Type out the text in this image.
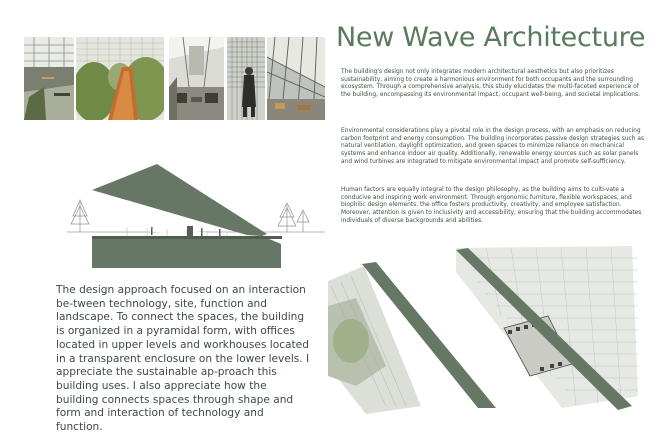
New Wave Architecture

The building's design not only integrates modern architectural aesthetics but also prioritizes sustainability, aiming to create a harmonious environment for both occupants and the surrounding ecosystem. Through a comprehensive analysis, this study elucidates the multi-faceted experience of the building, encompassing its environmental impact, occupant well-being, and societal implications.

Environmental considerations play a pivotal role in the design process, with an emphasis on reducing carbon footprint and energy consumption. The building incorporates passive design strategies such as natural ventilation, daylight optimization, and green spaces to minimize reliance on mechanical systems and enhance indoor air quality. Additionally, renewable energy sources such as solar panels and wind turbines are integrated to mitigate environmental impact and promote self-sufficiency.

Human factors are equally integral to the design philosophy, as the building aims to culti-vate a conducive and inspiring work environment. Through ergonomic furniture, flexible workspaces, and biophilic design elements, the office fosters productivity, creativity, and employee satisfaction. Moreover, attention is given to inclusivity and accessibility, ensuring that the building accommodates individuals of diverse backgrounds and abilities.

The design approach focused on an interaction be-tween technology, site, function and landscape. To connect the spaces, the building is organized in a pyramidal form, with offices located in upper levels and workhouses located in a transparent enclosure on the lower levels. I appreciate the sustainable ap-proach this building uses. I also appreciate how the building connects spaces through shape and form and interaction of technology and function.
